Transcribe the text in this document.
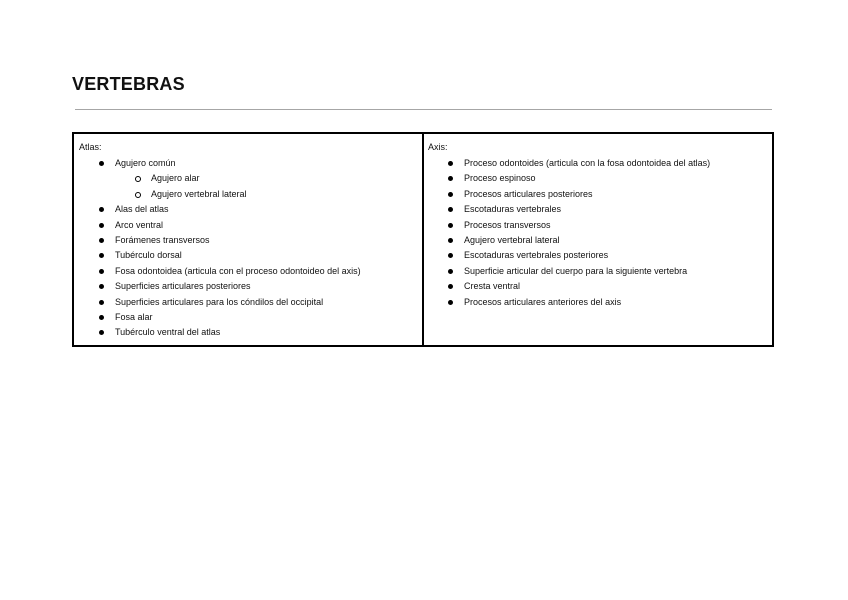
VERTEBRAS
Atlas:
Agujero común
Agujero alar
Agujero vertebral lateral
Alas del atlas
Arco ventral
Forámenes transversos
Tubérculo dorsal
Fosa odontoidea (articula con el proceso odontoideo del axis)
Superficies articulares posteriores
Superficies articulares para los cóndilos del occipital
Fosa alar
Tubérculo ventral del atlas
Axis:
Proceso odontoides (articula con la fosa odontoidea del atlas)
Proceso espinoso
Procesos articulares posteriores
Escotaduras vertebrales
Procesos transversos
Agujero vertebral lateral
Escotaduras vertebrales posteriores
Superficie articular del cuerpo para la siguiente vertebra
Cresta ventral
Procesos articulares anteriores del axis
